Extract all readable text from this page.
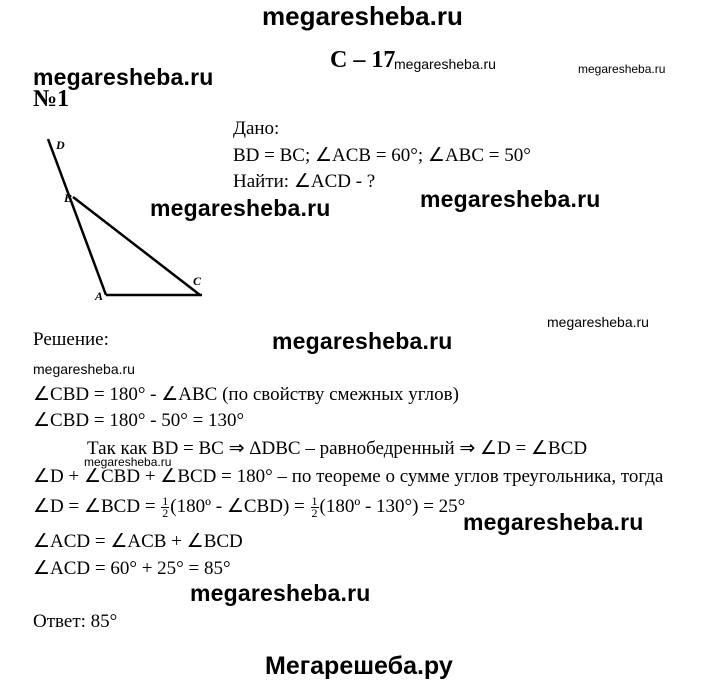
megaresheba.ru
megaresheba.ru	megaresheba.ru	megaresheba.ru
megaresheba.ru	megaresheba.ru
megaresheba.ru
megaresheba.ru
megaresheba.ru
megaresheba.ru
megaresheba.ru
megaresheba.ru
С – 17
№1
Дано:
BD = BC; ∠ACB = 60°; ∠ABC = 50°
Найти: ∠ACD - ?
D
B
A
C
Решение:
∠CBD = 180° - ∠ABC (по свойству смежных углов)
∠CBD = 180° - 50° = 130°
Так как BD = BC ⇒ ΔDBC – равнобедренный ⇒ ∠D = ∠BCD
∠D + ∠CBD + ∠BCD = 180° – по теореме о сумме углов треугольника, тогда
∠D = ∠BCD = $\frac{1}{2}$ (180º - ∠CBD) = $\frac{1}{2}$ (180º - 130°) = 25°
∠ACD = ∠ACB + ∠BCD
∠ACD = 60° + 25° = 85°
Ответ: 85°
Мегарешеба.ру
